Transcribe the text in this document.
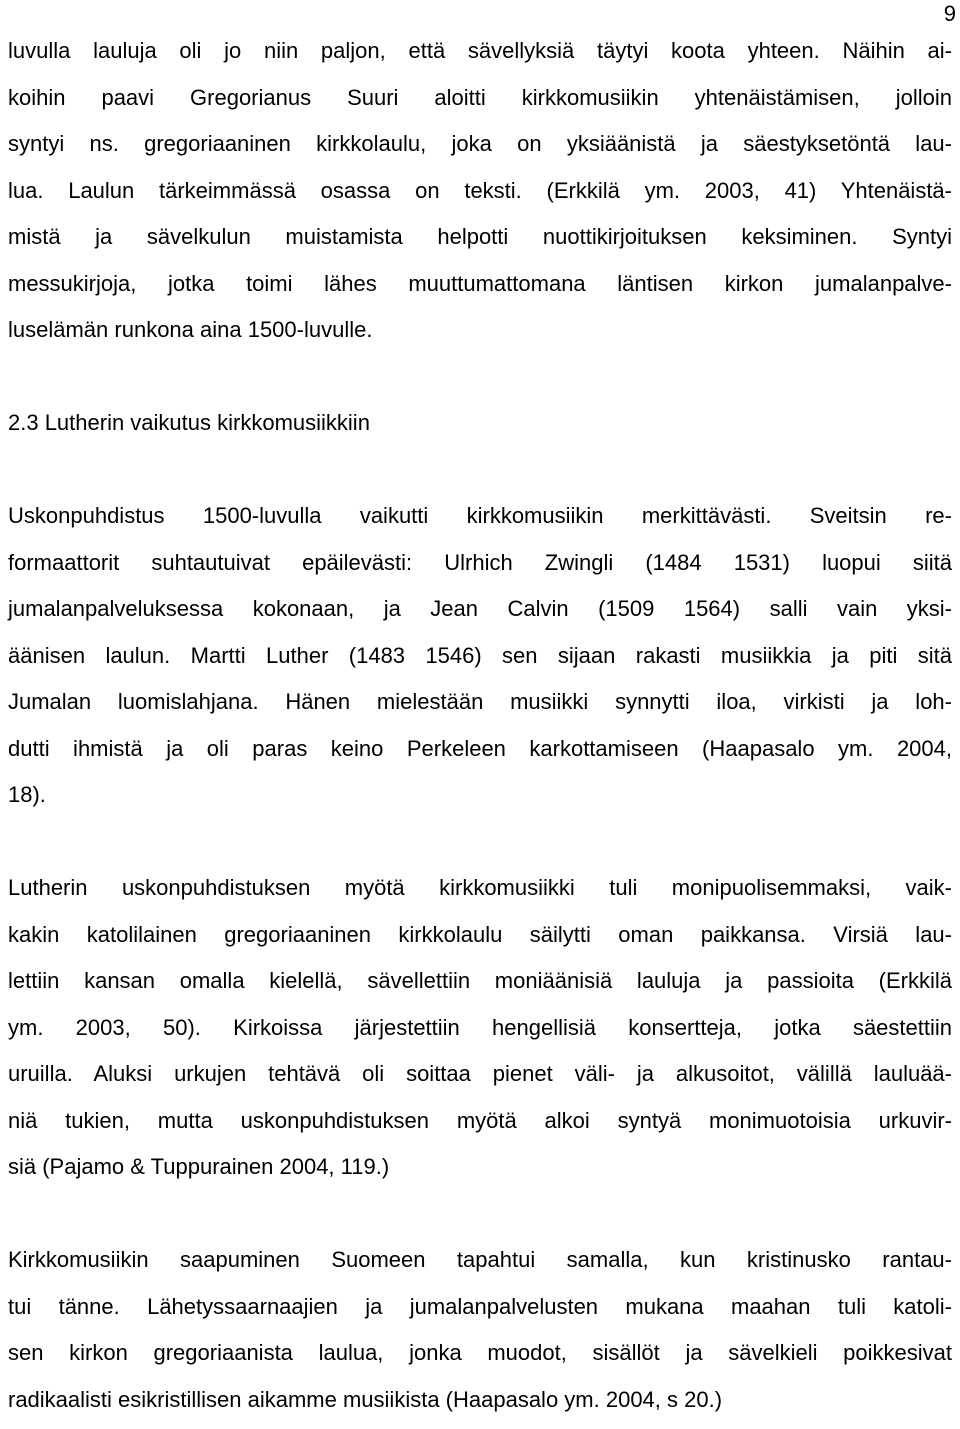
9
luvulla lauluja oli jo niin paljon, että sävellyksiä täytyi koota yhteen. Näihin ai-
koihin paavi Gregorianus Suuri aloitti kirkkomusiikin yhtenäistämisen, jolloin
syntyi ns. gregoriaaninen kirkkolaulu, joka on yksiäänistä ja säestyksetöntä lau-
lua. Laulun tärkeimmässä osassa on teksti. (Erkkilä ym. 2003, 41) Yhtenäistä-
mistä ja sävelkulun muistamista helpotti nuottikirjoituksen keksiminen. Syntyi
messukirjoja, jotka toimi lähes muuttumattomana läntisen kirkon jumalanpalve-
luselämän runkona aina 1500-luvulle.
2.3 Lutherin vaikutus kirkkomusiikkiin
Uskonpuhdistus 1500-luvulla vaikutti kirkkomusiikin merkittävästi. Sveitsin re-
formaattorit suhtautuivat epäilevästi: Ulrhich Zwingli (1484 1531) luopui siitä
jumalanpalveluksessa kokonaan, ja Jean Calvin (1509 1564) salli vain yksi-
äänisen laulun. Martti Luther (1483 1546) sen sijaan rakasti musiikkia ja piti sitä
Jumalan luomislahjana. Hänen mielestään musiikki synnytti iloa, virkisti ja loh-
dutti ihmistä ja oli paras keino Perkeleen karkottamiseen (Haapasalo ym. 2004,
18).
Lutherin uskonpuhdistuksen myötä kirkkomusiikki tuli monipuolisemmaksi, vaik-
kakin katolilainen gregoriaaninen kirkkolaulu säilytti oman paikkansa. Virsiä lau-
lettiin kansan omalla kielellä, sävellettiin moniäänisiä lauluja ja passioita (Erkkilä
ym. 2003, 50). Kirkoissa järjestettiin hengellisiä konsertteja, jotka säestettiin
uruilla. Aluksi urkujen tehtävä oli soittaa pienet väli- ja alkusoitot, välillä lauluää-
niä tukien, mutta uskonpuhdistuksen myötä alkoi syntyä monimuotoisia urkuvir-
siä (Pajamo & Tuppurainen 2004, 119.)
Kirkkomusiikin saapuminen Suomeen tapahtui samalla, kun kristinusko rantau-
tui tänne. Lähetyssaarnaajien ja jumalanpalvelusten mukana maahan tuli katoli-
sen kirkon gregoriaanista laulua, jonka muodot, sisällöt ja sävelkieli poikkesivat
radikaalisti esikristillisen aikamme musiikista (Haapasalo ym. 2004, s 20.)
